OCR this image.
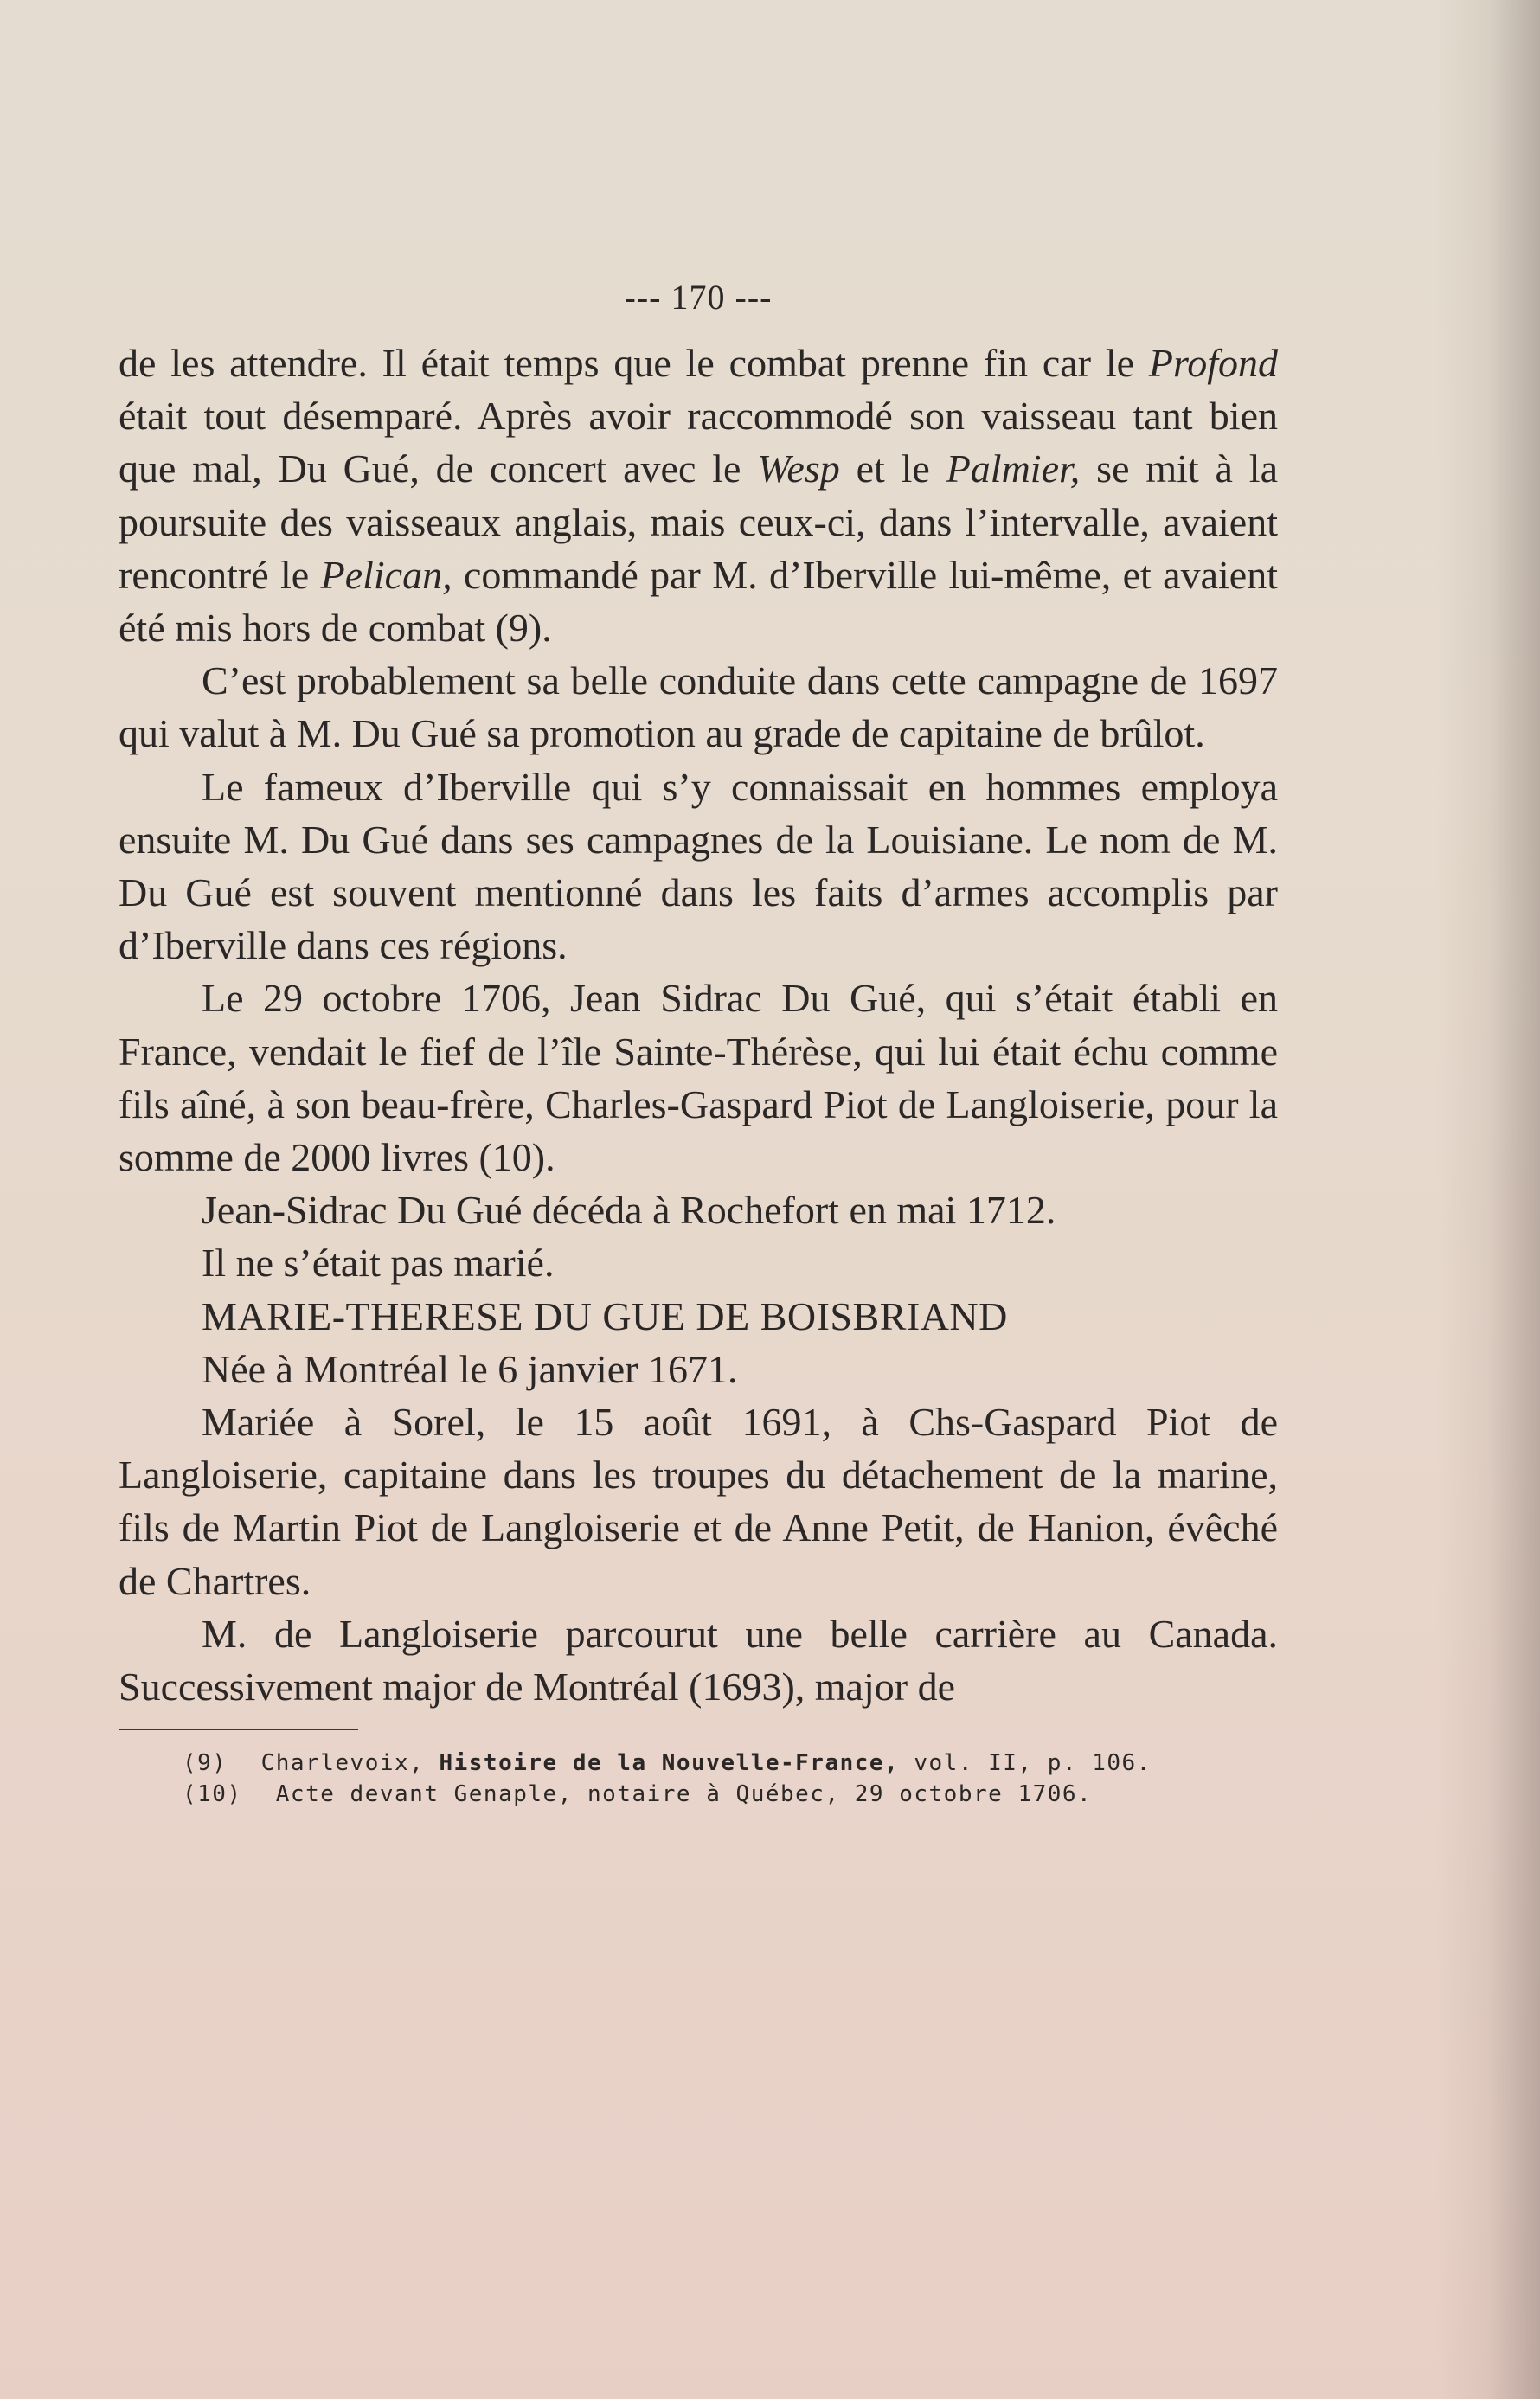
--- 170 ---

de les attendre. Il était temps que le combat prenne fin car le Profond était tout désemparé. Après avoir raccommodé son vaisseau tant bien que mal, Du Gué, de concert avec le Wesp et le Palmier, se mit à la poursuite des vaisseaux anglais, mais ceux-ci, dans l’intervalle, avaient rencontré le Pelican, commandé par M. d’Iberville lui-même, et avaient été mis hors de combat (9).

C’est probablement sa belle conduite dans cette campagne de 1697 qui valut à M. Du Gué sa promotion au grade de capitaine de brûlot.

Le fameux d’Iberville qui s’y connaissait en hommes employa ensuite M. Du Gué dans ses campagnes de la Louisiane. Le nom de M. Du Gué est souvent mentionné dans les faits d’armes accomplis par d’Iberville dans ces régions.

Le 29 octobre 1706, Jean Sidrac Du Gué, qui s’était établi en France, vendait le fief de l’île Sainte-Thérèse, qui lui était échu comme fils aîné, à son beau-frère, Charles-Gaspard Piot de Langloiserie, pour la somme de 2000 livres (10).

Jean-Sidrac Du Gué décéda à Rochefort en mai 1712.

Il ne s’était pas marié.

MARIE-THERESE DU GUE DE BOISBRIAND

Née à Montréal le 6 janvier 1671.

Mariée à Sorel, le 15 août 1691, à Chs-Gaspard Piot de Langloiserie, capitaine dans les troupes du détachement de la marine, fils de Martin Piot de Langloiserie et de Anne Petit, de Hanion, évêché de Chartres.

M. de Langloiserie parcourut une belle carrière au Canada. Successivement major de Montréal (1693), major de

(9) Charlevoix, Histoire de la Nouvelle-France, vol. II, p. 106.
(10) Acte devant Genaple, notaire à Québec, 29 octobre 1706.
